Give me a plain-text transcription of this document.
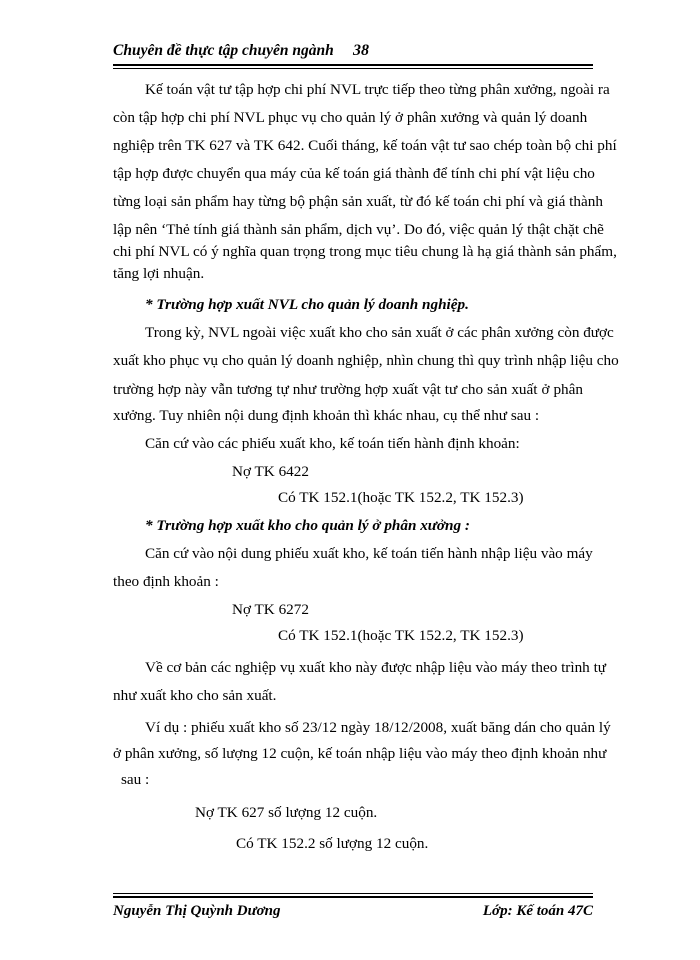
Chuyên đề thực tập chuyên ngành 38
Kế toán vật tư tập hợp chi phí NVL trực tiếp theo từng phân xưởng, ngoài ra
còn tập hợp chi phí NVL phục vụ cho quản lý ở phân xưởng và quản lý doanh
nghiệp trên TK 627 và TK 642. Cuối tháng, kế toán vật tư sao chép toàn bộ chi phí
tập hợp được chuyển qua máy của kế toán giá thành để tính chi phí vật liệu cho
từng loại sản phẩm hay từng bộ phận sản xuất, từ đó kế toán chi phí và giá thành
lập nên ‘Thẻ tính giá thành sản phẩm, dịch vụ’. Do đó, việc quản lý thật chặt chẽ
chi phí NVL có ý nghĩa quan trọng trong mục tiêu chung là hạ giá thành sản phẩm,
tăng lợi nhuận.
* Trường hợp xuất NVL cho quản lý doanh nghiệp.
Trong kỳ, NVL ngoài việc xuất kho cho sản xuất ở các phân xưởng còn được
xuất kho phục vụ cho quản lý doanh nghiệp, nhìn chung thì quy trình nhập liệu cho
trường hợp này vẫn tương tự như trường hợp xuất vật tư cho sản xuất ở phân
xưởng. Tuy nhiên nội dung định khoản thì khác nhau, cụ thể như sau :
Căn cứ vào các phiếu xuất kho, kế toán tiến hành định khoản:
Nợ TK 6422
Có TK 152.1(hoặc TK 152.2, TK 152.3)
* Trường hợp xuất kho cho quản lý ở phân xưởng :
Căn cứ vào nội dung phiếu xuất kho, kế toán tiến hành nhập liệu vào máy
theo định khoản :
Nợ TK 6272
Có TK 152.1(hoặc TK 152.2, TK 152.3)
Về cơ bản các nghiệp vụ xuất kho này được nhập liệu vào máy theo trình tự
như xuất kho cho sản xuất.
Ví dụ : phiếu xuất kho số 23/12 ngày 18/12/2008, xuất băng dán cho quản lý
ở phân xưởng, số lượng 12 cuộn, kế toán nhập liệu vào máy theo định khoản như
sau :
Nợ TK 627 số lượng 12 cuộn.
Có TK 152.2 số lượng 12 cuộn.
Nguyễn Thị Quỳnh Dương	Lớp: Kế toán 47C
